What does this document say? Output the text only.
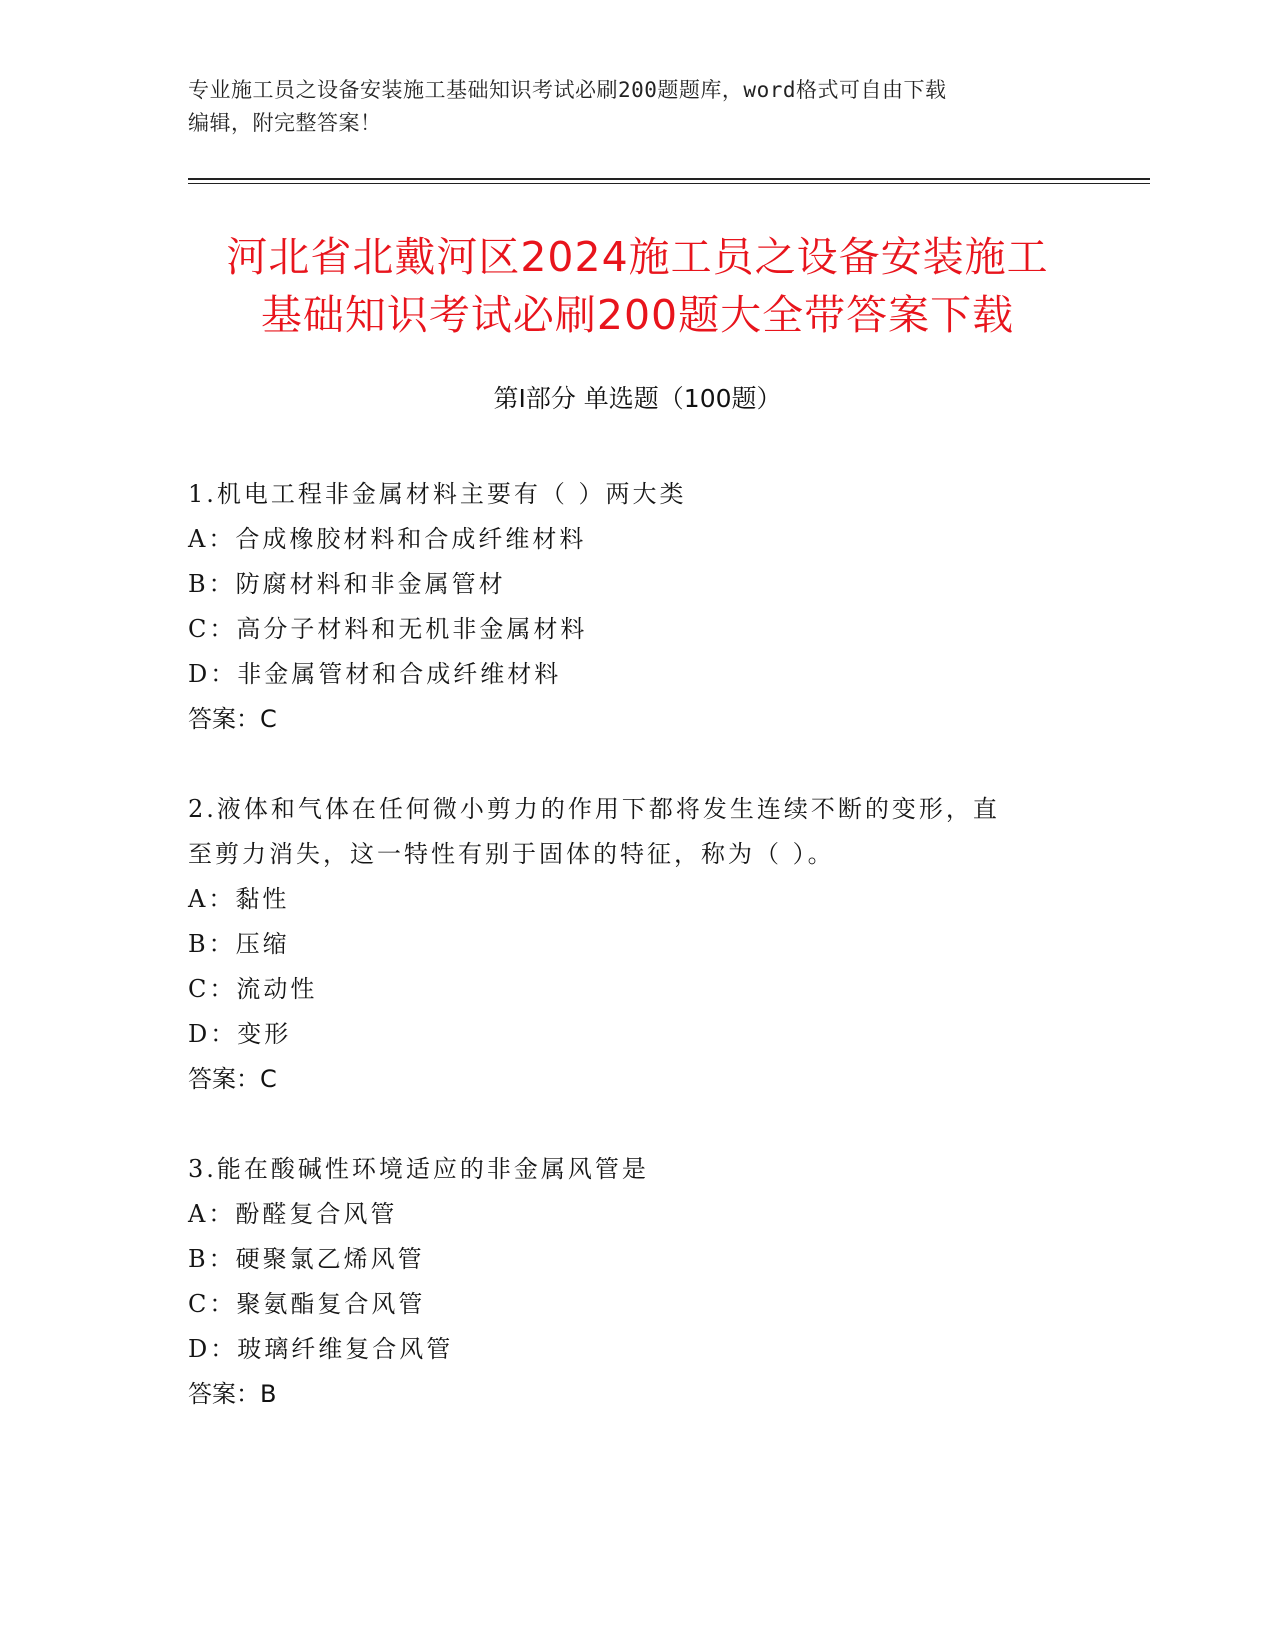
专业施工员之设备安装施工基础知识考试必刷200题题库，word格式可自由下载
编辑，附完整答案！
河北省北戴河区2024施工员之设备安装施工
基础知识考试必刷200题大全带答案下载
第Ⅰ部分 单选题（100题）
1.机电工程非金属材料主要有（ ）两大类
A：合成橡胶材料和合成纤维材料
B：防腐材料和非金属管材
C：高分子材料和无机非金属材料
D：非金属管材和合成纤维材料
答案：C
2.液体和气体在任何微小剪力的作用下都将发生连续不断的变形，直
至剪力消失，这一特性有别于固体的特征，称为（ ）。
A：黏性
B：压缩
C：流动性
D：变形
答案：C
3.能在酸碱性环境适应的非金属风管是
A：酚醛复合风管
B：硬聚氯乙烯风管
C：聚氨酯复合风管
D：玻璃纤维复合风管
答案：B
